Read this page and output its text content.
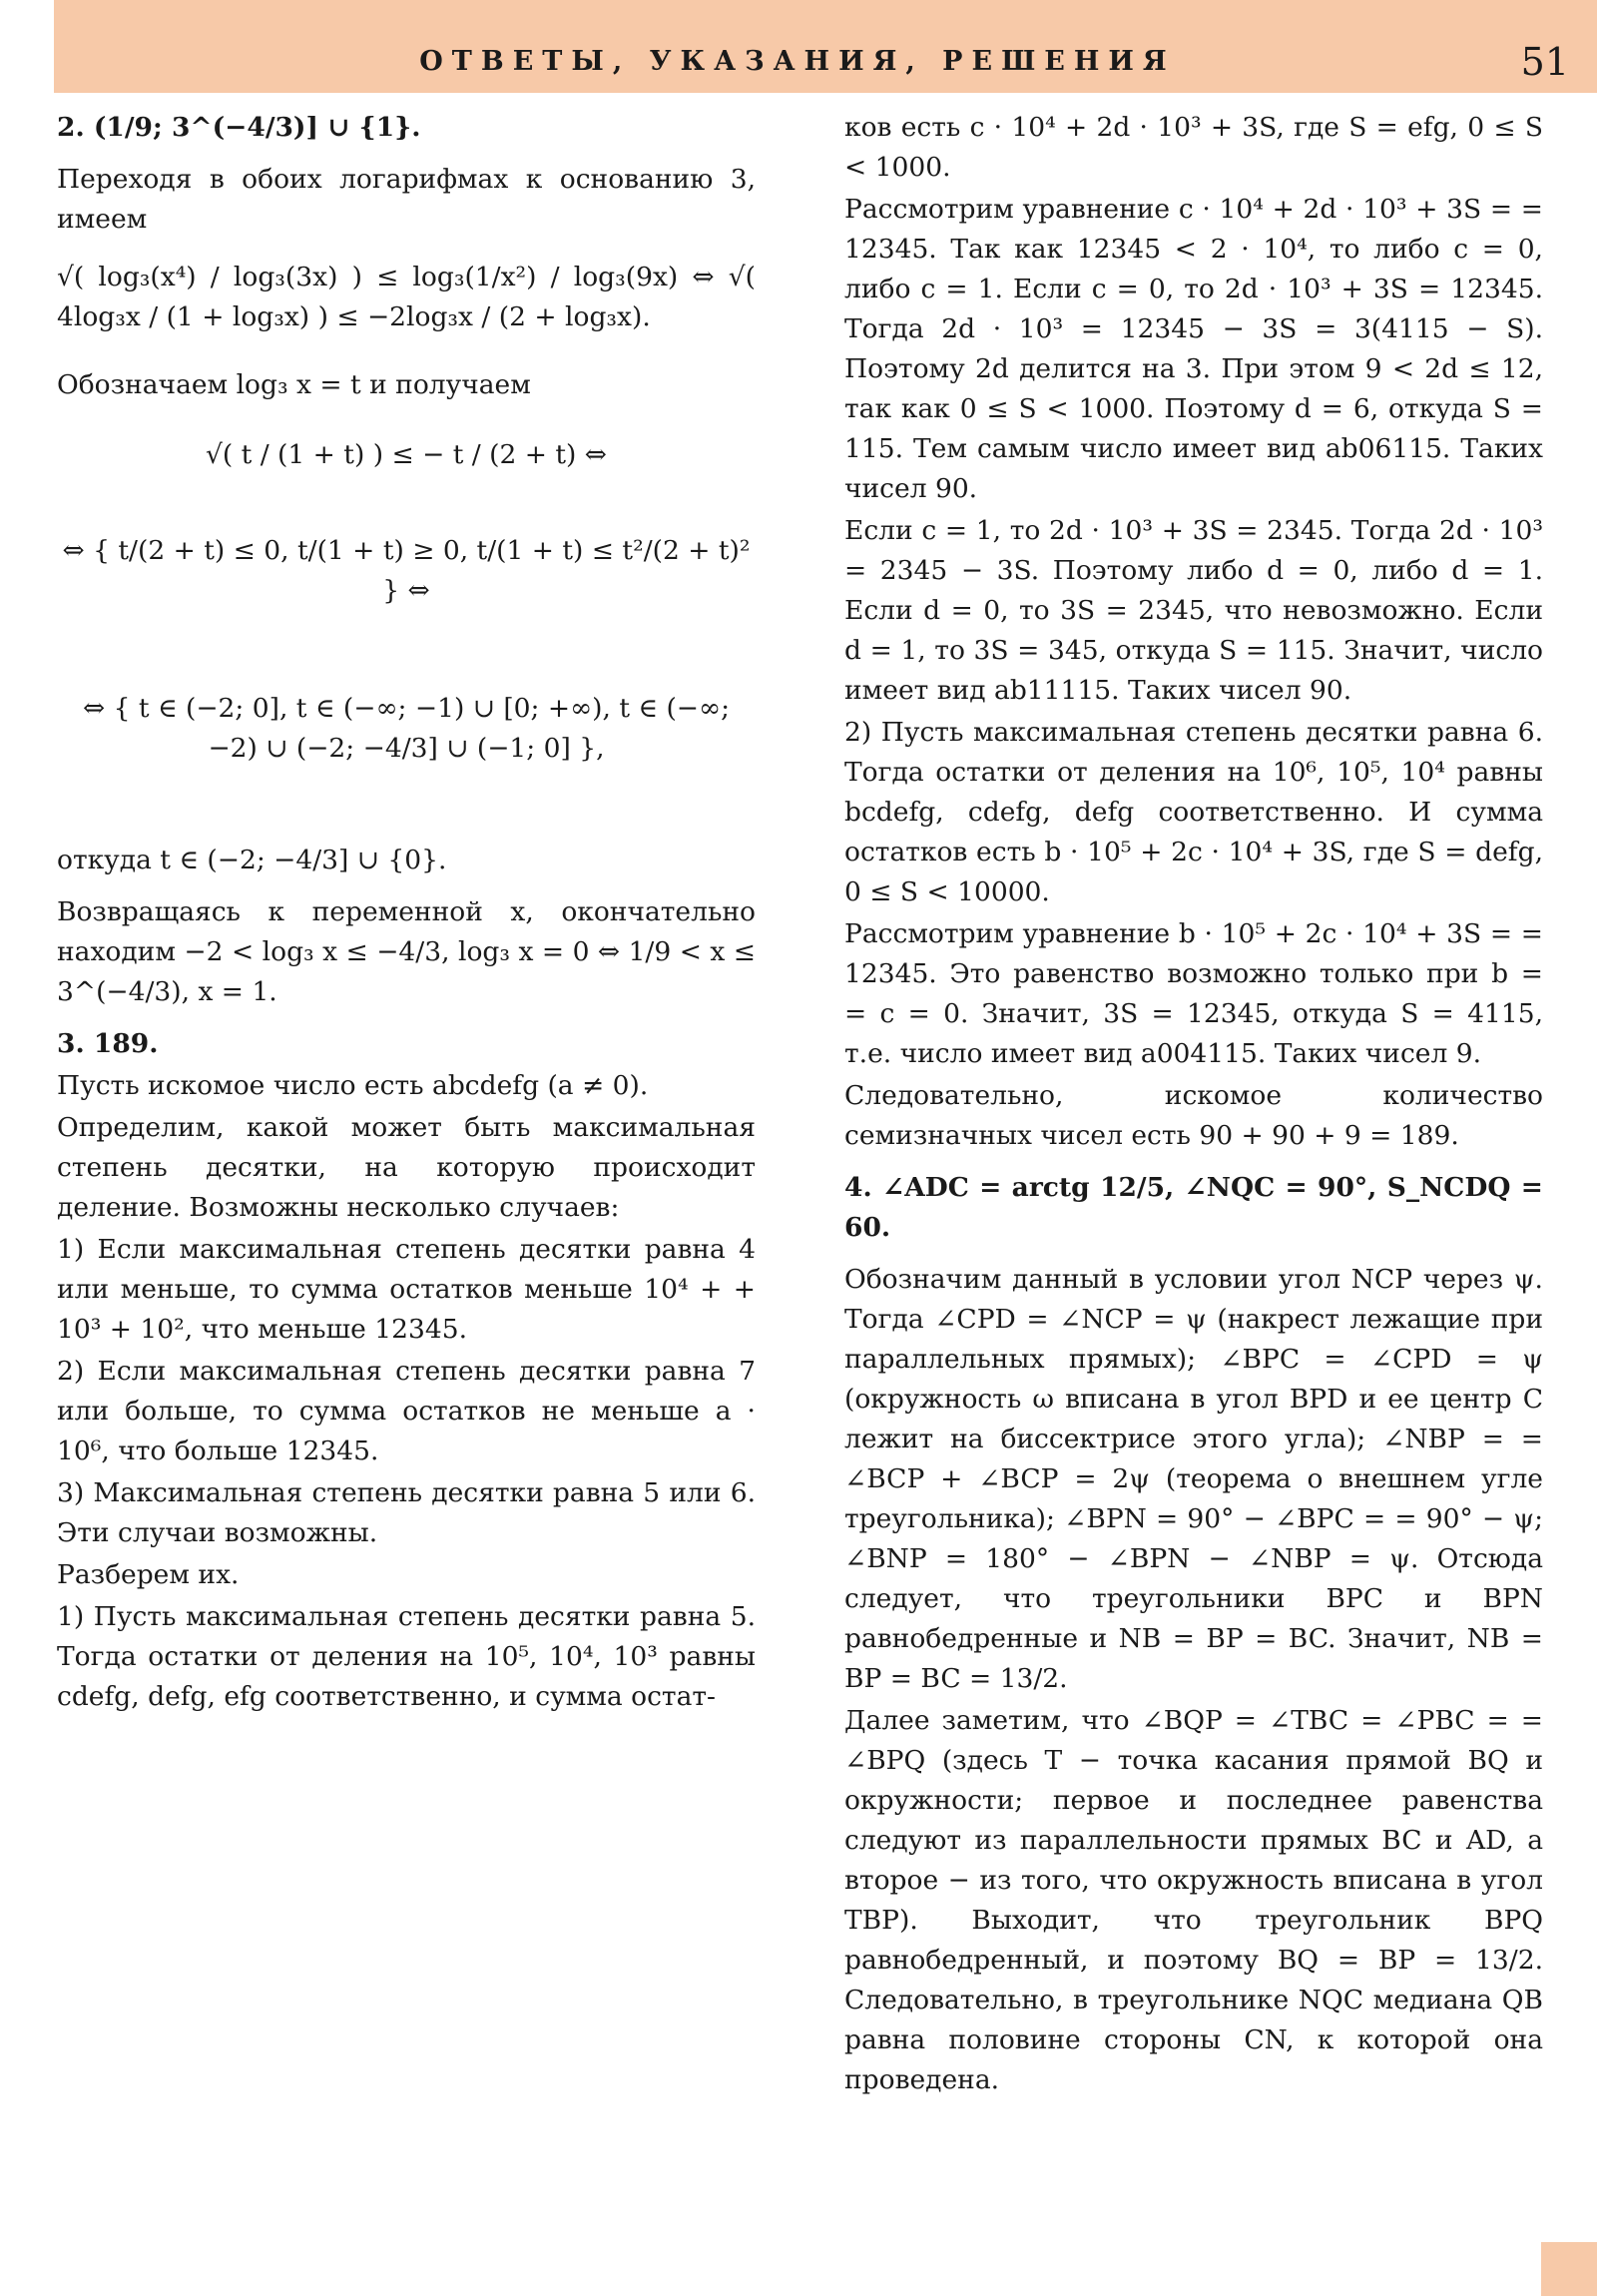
ОТВЕТЫ, УКАЗАНИЯ, РЕШЕНИЯ	51

2. (1/9; 3^(−4/3)] ∪ {1}.

Переходя в обоих логарифмах к основанию 3, имеем

√( log₃(x⁴) / log₃(3x) ) ≤ log₃(1/x²) / log₃(9x) ⇔ √( 4log₃x / (1 + log₃x) ) ≤ −2log₃x / (2 + log₃x).

Обозначаем log₃ x = t и получаем

√( t / (1 + t) ) ≤ − t / (2 + t) ⇔

⇔ { t/(2 + t) ≤ 0, t/(1 + t) ≥ 0, t/(1 + t) ≤ t²/(2 + t)² } ⇔

⇔ { t ∈ (−2; 0], t ∈ (−∞; −1) ∪ [0; +∞), t ∈ (−∞; −2) ∪ (−2; −4/3] ∪ (−1; 0] },

откуда t ∈ (−2; −4/3] ∪ {0}.

Возвращаясь к переменной x, окончательно находим −2 < log₃ x ≤ −4/3, log₃ x = 0 ⇔ 1/9 < x ≤ 3^(−4/3), x = 1.

3. 189.

Пусть искомое число есть abcdefg (a ≠ 0).

Определим, какой может быть максимальная степень десятки, на которую происходит деление. Возможны несколько случаев:

1) Если максимальная степень десятки равна 4 или меньше, то сумма остатков меньше 10⁴ + + 10³ + 10², что меньше 12345.

2) Если максимальная степень десятки равна 7 или больше, то сумма остатков не меньше a · 10⁶, что больше 12345.

3) Максимальная степень десятки равна 5 или 6. Эти случаи возможны.

Разберем их.

1) Пусть максимальная степень десятки равна 5. Тогда остатки от деления на 10⁵, 10⁴, 10³ равны cdefg, defg, efg соответственно, и сумма остат-

ков есть c · 10⁴ + 2d · 10³ + 3S, где S = efg, 0 ≤ S < 1000.

Рассмотрим уравнение c · 10⁴ + 2d · 10³ + 3S = = 12345. Так как 12345 < 2 · 10⁴, то либо c = 0, либо c = 1. Если c = 0, то 2d · 10³ + 3S = 12345. Тогда 2d · 10³ = 12345 − 3S = 3(4115 − S). Поэтому 2d делится на 3. При этом 9 < 2d ≤ 12, так как 0 ≤ S < 1000. Поэтому d = 6, откуда S = 115. Тем самым число имеет вид ab06115. Таких чисел 90.

Если c = 1, то 2d · 10³ + 3S = 2345. Тогда 2d · 10³ = 2345 − 3S. Поэтому либо d = 0, либо d = 1. Если d = 0, то 3S = 2345, что невозможно. Если d = 1, то 3S = 345, откуда S = 115. Значит, число имеет вид ab11115. Таких чисел 90.

2) Пусть максимальная степень десятки равна 6. Тогда остатки от деления на 10⁶, 10⁵, 10⁴ равны bcdefg, cdefg, defg соответственно. И сумма остатков есть b · 10⁵ + 2c · 10⁴ + 3S, где S = defg, 0 ≤ S < 10000.

Рассмотрим уравнение b · 10⁵ + 2c · 10⁴ + 3S = = 12345. Это равенство возможно только при b = = c = 0. Значит, 3S = 12345, откуда S = 4115, т.е. число имеет вид a004115. Таких чисел 9.

Следовательно, искомое количество семизначных чисел есть 90 + 90 + 9 = 189.

4. ∠ADC = arctg 12/5, ∠NQC = 90°, S_NCDQ = 60.

Обозначим данный в условии угол NCP через ψ. Тогда ∠CPD = ∠NCP = ψ (накрест лежащие при параллельных прямых); ∠BPC = ∠CPD = ψ (окружность ω вписана в угол BPD и ее центр C лежит на биссектрисе этого угла); ∠NBP = = ∠BCP + ∠BCP = 2ψ (теорема о внешнем угле треугольника); ∠BPN = 90° − ∠BPC = = 90° − ψ; ∠BNP = 180° − ∠BPN − ∠NBP = ψ. Отсюда следует, что треугольники BPC и BPN равнобедренные и NB = BP = BC. Значит, NB = BP = BC = 13/2.

Далее заметим, что ∠BQP = ∠TBC = ∠PBC = = ∠BPQ (здесь T − точка касания прямой BQ и окружности; первое и последнее равенства следуют из параллельности прямых BC и AD, а второе − из того, что окружность вписана в угол TBP). Выходит, что треугольник BPQ равнобедренный, и поэтому BQ = BP = 13/2. Следовательно, в треугольнике NQC медиана QB равна половине стороны CN, к которой она проведена.
